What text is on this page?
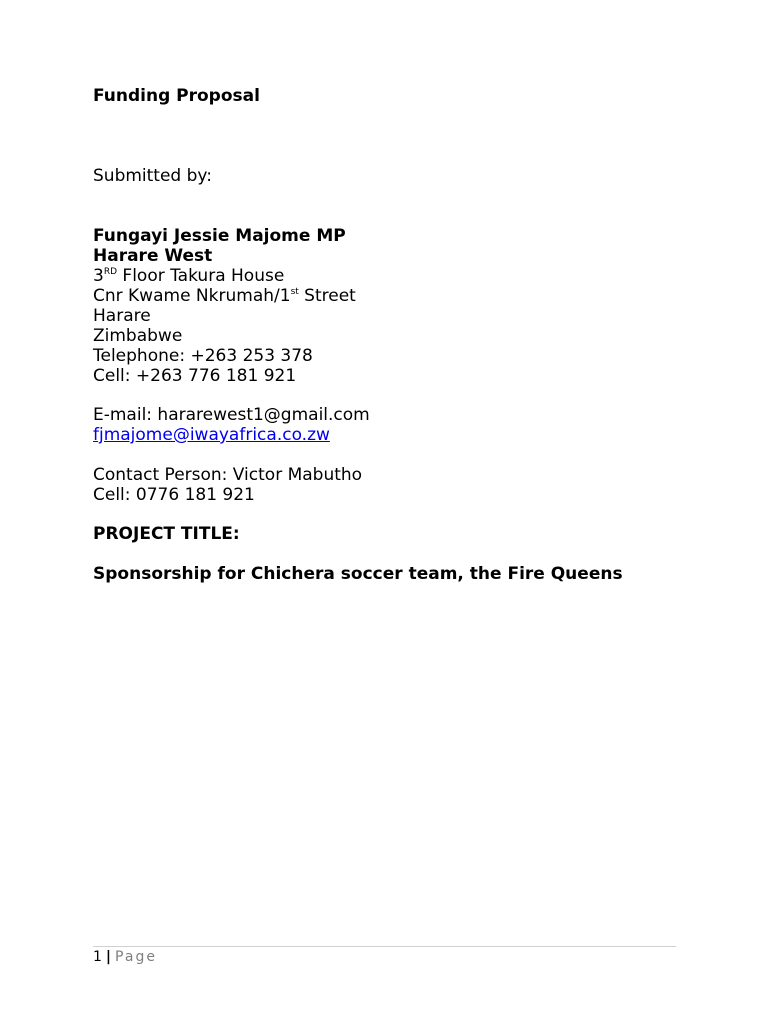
Funding Proposal
Submitted by:
Fungayi Jessie Majome MP
Harare West
3RD Floor Takura House
Cnr Kwame Nkrumah/1st Street
Harare
Zimbabwe
Telephone: +263 253 378
Cell: +263 776 181 921
E-mail: hararewest1@gmail.com
fjmajome@iwayafrica.co.zw
Contact Person: Victor Mabutho
Cell: 0776 181 921
PROJECT TITLE:
Sponsorship for Chichera soccer team, the Fire Queens
1 | Page
